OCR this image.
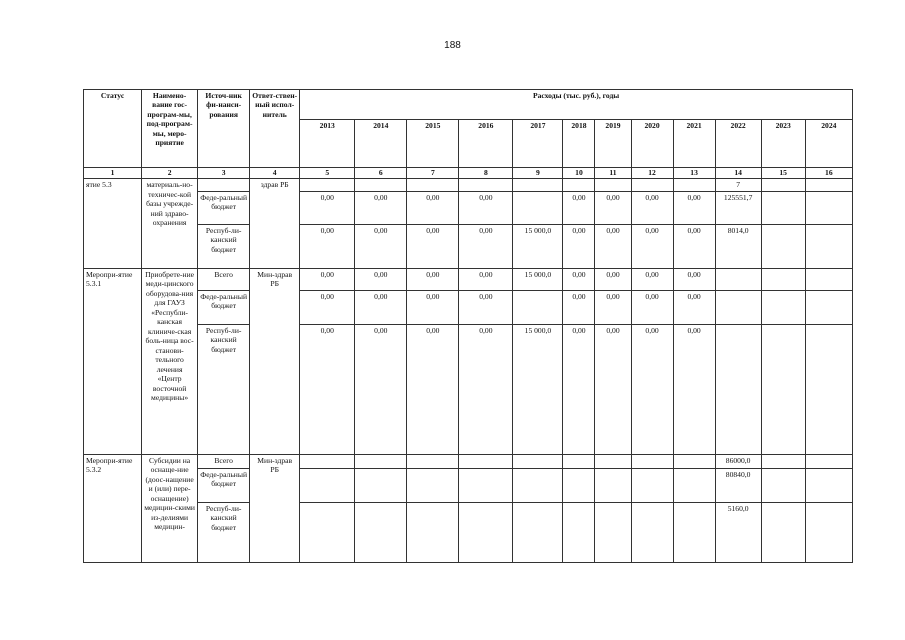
188
Статус	Наимено-вание гос-програм-мы, под-програм-мы, меро-приятие	Источ-ник фи-нанси-рования	Ответ-ствен-ный испол-нитель	Расходы (тыс. руб.), годы											
				2013	2014	2015	2016	2017	2018	2019	2020	2021	2022	2023	2024
1	2	3	4	5	6	7	8	9	10	11	12	13	14	15	16
ятие 5.3	материаль-но-техничес-кой базы учрежде-ний здраво-охранения		здрав РБ										7		
		Феде-ральный бюджет		0,00	0,00	0,00	0,00		0,00	0,00	0,00	0,00	125551,7		
		Респуб-ли-канский бюджет		0,00	0,00	0,00	0,00	15 000,0	0,00	0,00	0,00	0,00	8014,0		
Меропри-ятие 5.3.1	Приобрете-ние меди-цинского оборудова-ния для ГАУЗ «Республи-канская клиниче-ская боль-ница вос-станови-тельного лечения «Центр восточной медицины»	Всего	Мин-здрав РБ	0,00	0,00	0,00	0,00	15 000,0	0,00	0,00	0,00	0,00			
		Феде-ральный бюджет		0,00	0,00	0,00	0,00		0,00	0,00	0,00	0,00			
		Респуб-ли-канский бюджет		0,00	0,00	0,00	0,00	15 000,0	0,00	0,00	0,00	0,00			
Меропри-ятие 5.3.2	Субсидии на оснаще-ние (доос-нащение и (или) пере-оснащение) медицин-скими из-делиями медицин-	Всего	Мин-здрав РБ										86000,0		
		Феде-ральный бюджет											80840,0		
		Респуб-ли-канский бюджет											5160,0		
